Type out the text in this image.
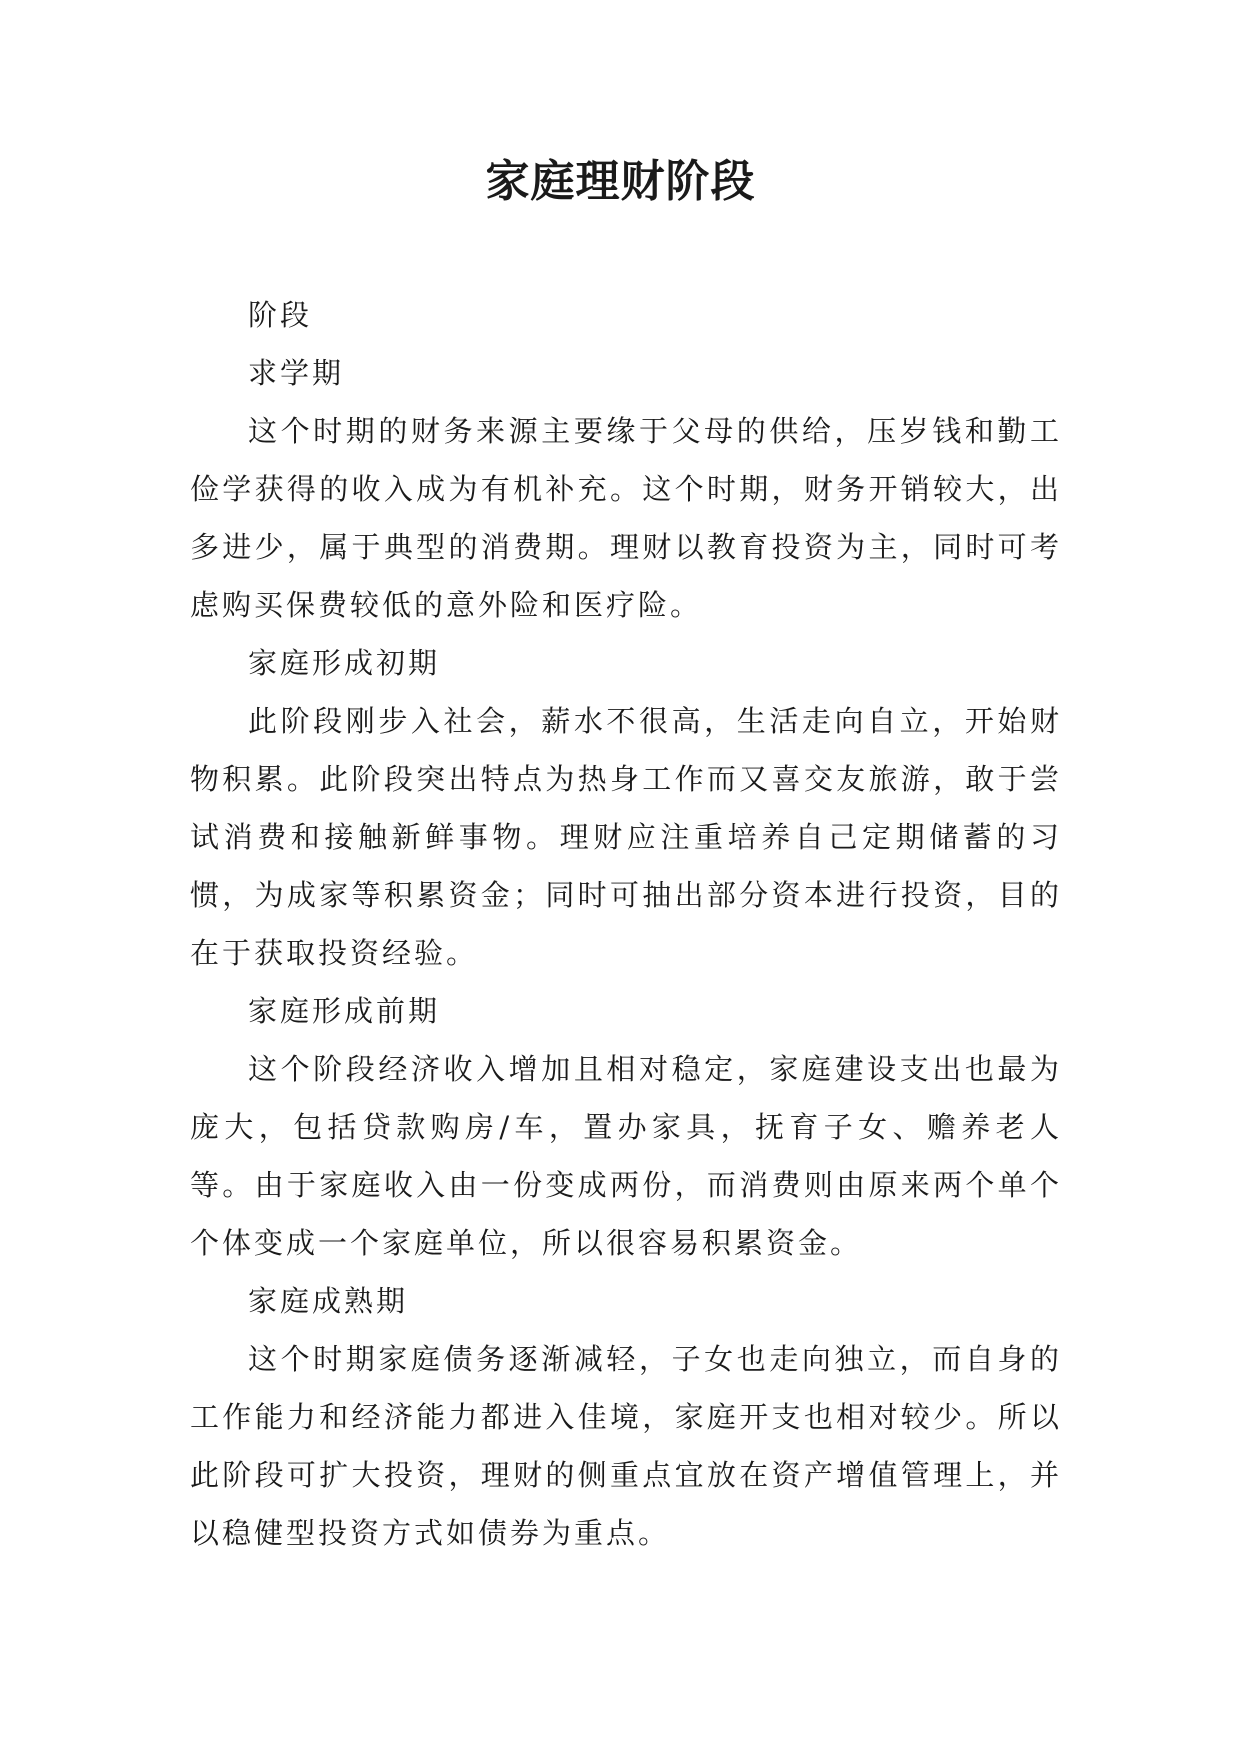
家庭理财阶段

阶段

求学期

这个时期的财务来源主要缘于父母的供给，压岁钱和勤工俭学获得的收入成为有机补充。这个时期，财务开销较大，出多进少，属于典型的消费期。理财以教育投资为主，同时可考虑购买保费较低的意外险和医疗险。

家庭形成初期

此阶段刚步入社会，薪水不很高，生活走向自立，开始财物积累。此阶段突出特点为热身工作而又喜交友旅游，敢于尝试消费和接触新鲜事物。理财应注重培养自己定期储蓄的习惯，为成家等积累资金；同时可抽出部分资本进行投资，目的在于获取投资经验。

家庭形成前期

这个阶段经济收入增加且相对稳定，家庭建设支出也最为庞大，包括贷款购房/车，置办家具，抚育子女、赡养老人等。由于家庭收入由一份变成两份，而消费则由原来两个单个个体变成一个家庭单位，所以很容易积累资金。

家庭成熟期

这个时期家庭债务逐渐减轻，子女也走向独立，而自身的工作能力和经济能力都进入佳境，家庭开支也相对较少。所以此阶段可扩大投资，理财的侧重点宜放在资产增值管理上，并以稳健型投资方式如债券为重点。
